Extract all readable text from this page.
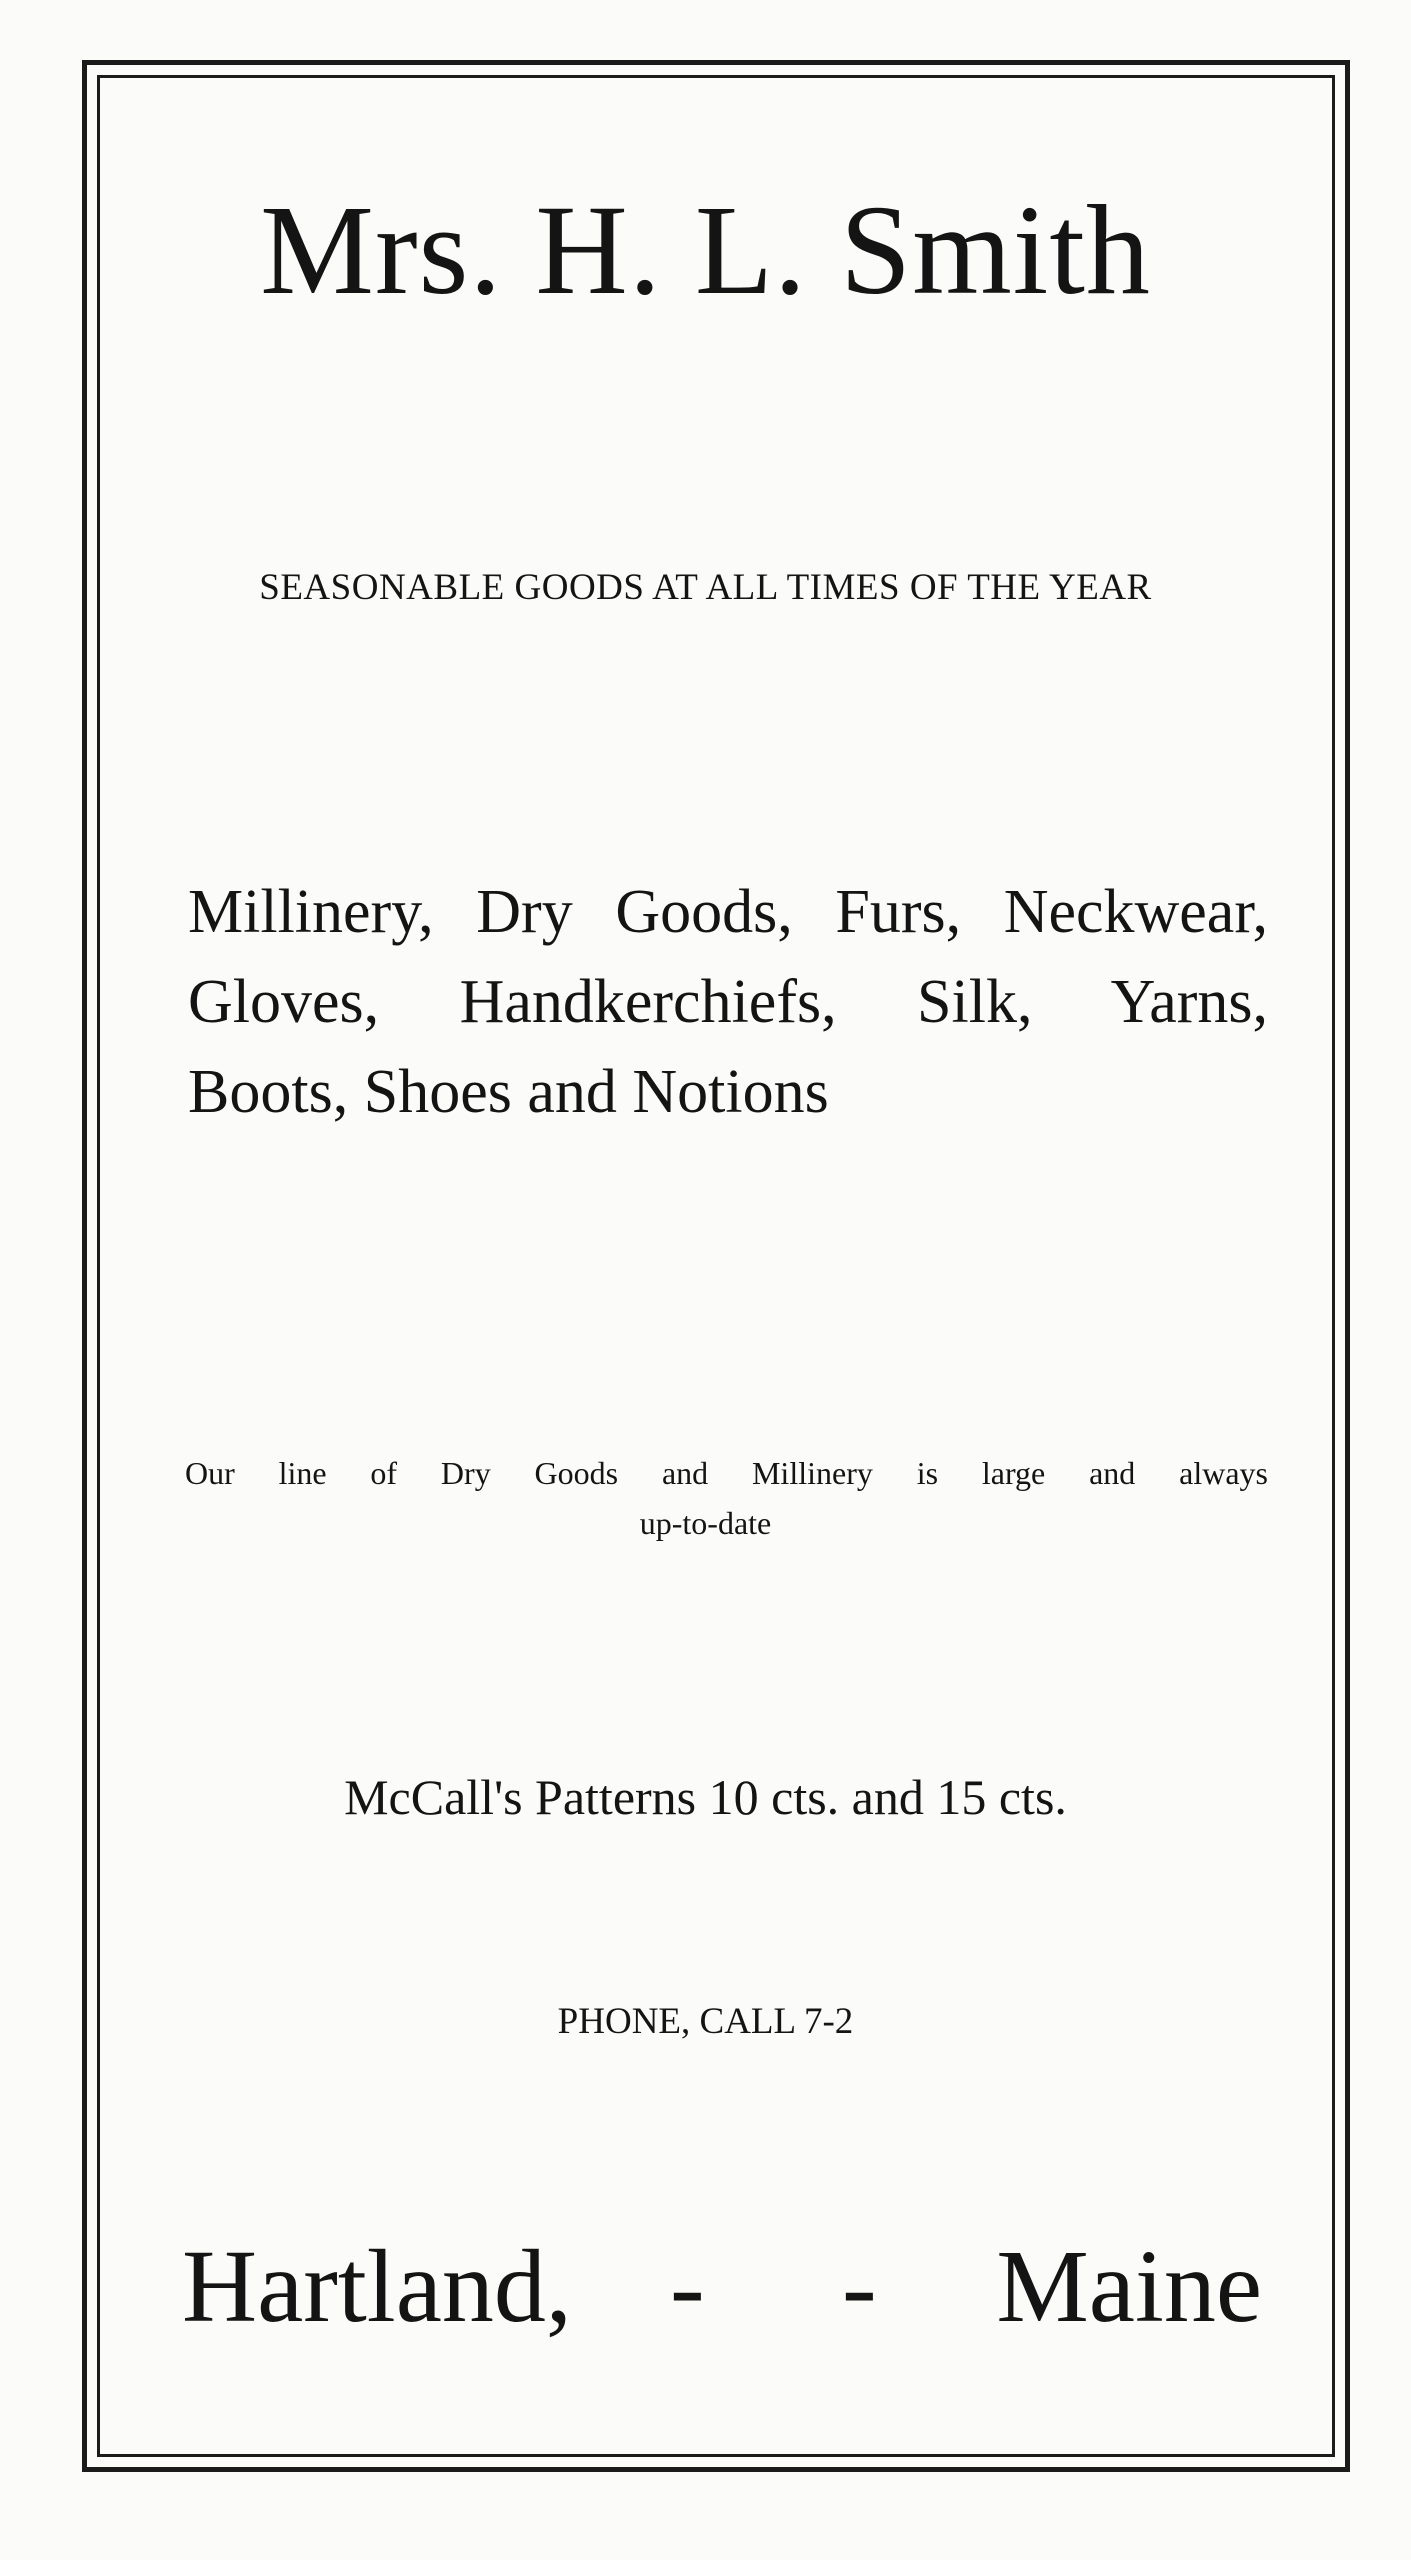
Mrs. H. L. Smith
SEASONABLE GOODS AT ALL TIMES OF THE YEAR
Millinery, Dry Goods, Furs, Neckwear,
Gloves, Handkerchiefs, Silk, Yarns,
Boots, Shoes and Notions
Our line of Dry Goods and Millinery is large and always
up-to-date
McCall's Patterns 10 cts. and 15 cts.
PHONE, CALL 7-2
Hartland, - - Maine
